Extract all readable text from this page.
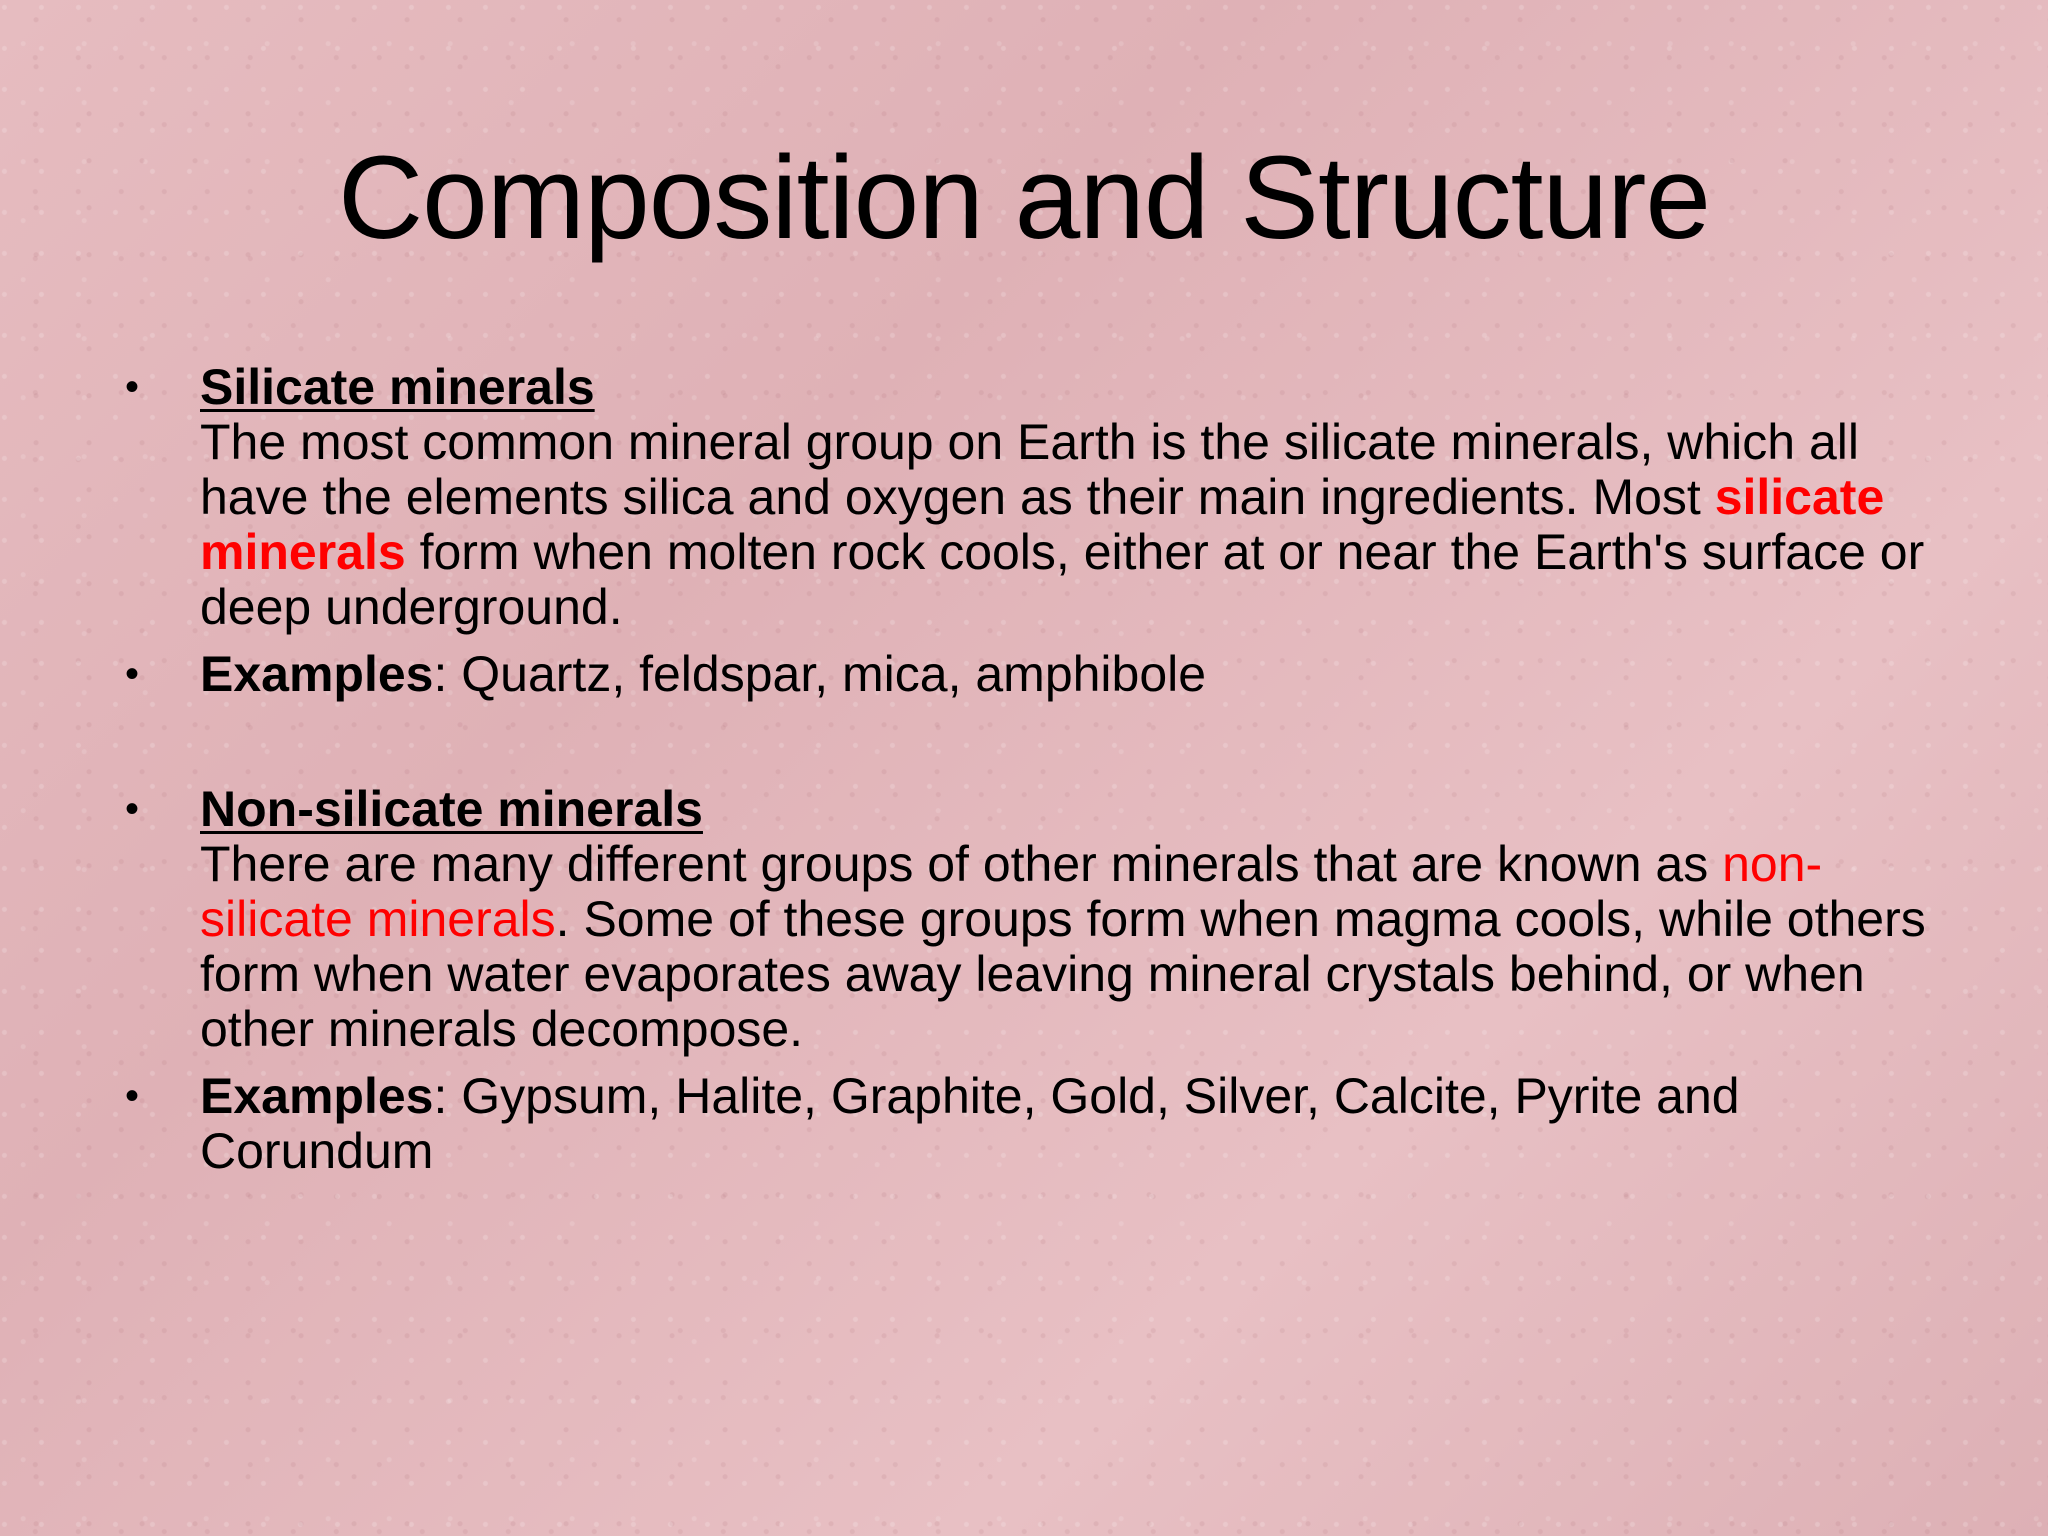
Composition and Structure

• Silicate minerals
The most common mineral group on Earth is the silicate minerals, which all have the elements silica and oxygen as their main ingredients. Most silicate minerals form when molten rock cools, either at or near the Earth's surface or deep underground.

• Examples: Quartz, feldspar, mica, amphibole

• Non-silicate minerals
There are many different groups of other minerals that are known as non-silicate minerals. Some of these groups form when magma cools, while others form when water evaporates away leaving mineral crystals behind, or when other minerals decompose.

• Examples: Gypsum, Halite, Graphite, Gold, Silver, Calcite, Pyrite and Corundum
